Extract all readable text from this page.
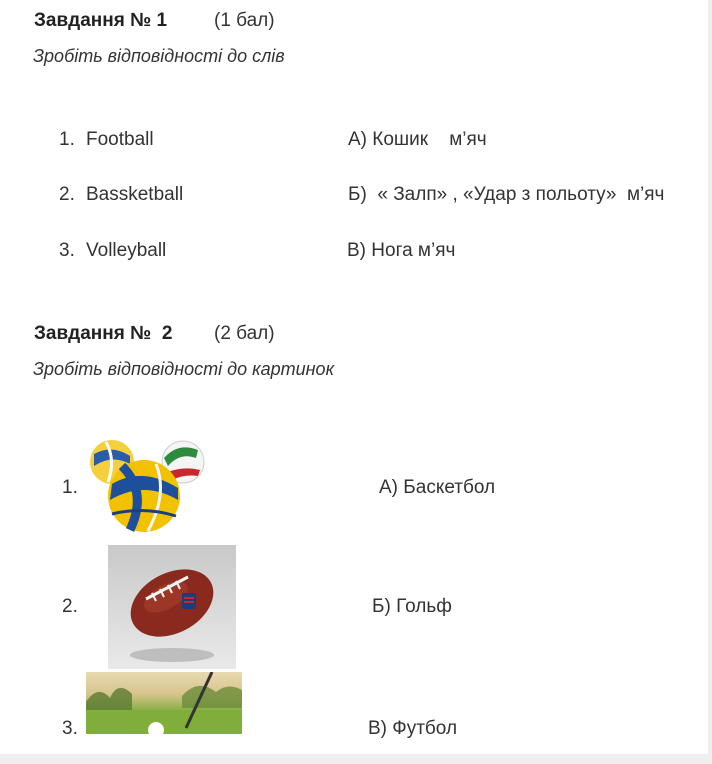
Завдання № 1 (1 бал)
Зробіть відповідності до слів
1. Football
2. Bassketball
3. Volleyball
А) Кошик    м’яч
Б)  « Залп» , «Удар з польоту»  м’яч
В) Нога м’яч
Завдання №  2 (2 бал)
Зробіть відповідності до картинок
1.
2.
3.
А) Баскетбол
Б) Гольф
В) Футбол
